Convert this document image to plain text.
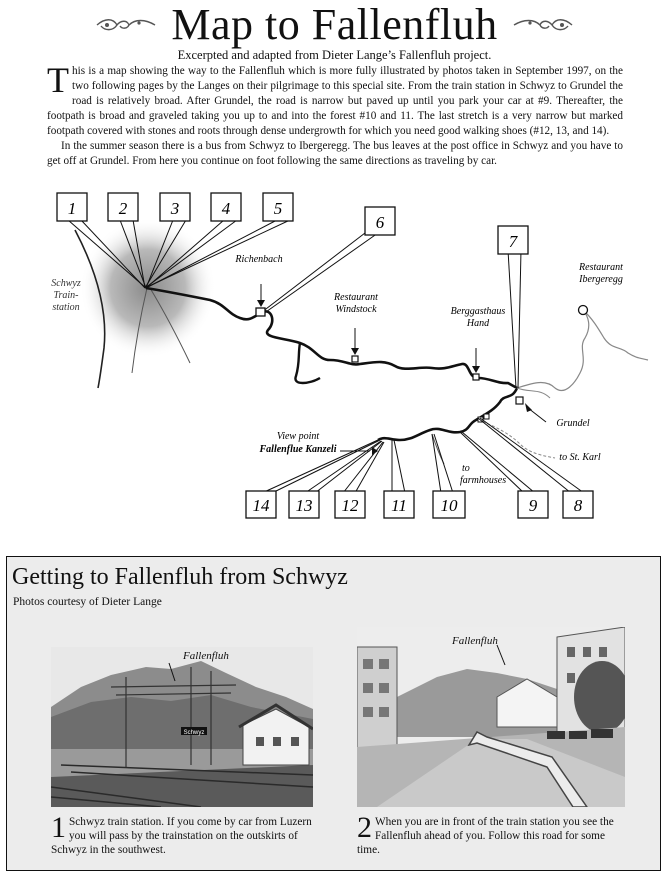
Map to Fallenfluh
Excerpted and adapted from Dieter Lange’s Fallenfluh project.

This is a map showing the way to the Fallenfluh which is more fully illustrated by photos taken in September 1997, on the two following pages by the Langes on their pilgrimage to this special site. From the train station in Schwyz to Grundel the road is relatively broad. After Grundel, the road is narrow but paved up until you park your car at #9. Thereafter, the footpath is broad and graveled taking you up to and into the forest #10 and 11. The last stretch is a very narrow but marked footpath covered with stones and roots through dense undergrowth for which you need good walking shoes (#12, 13, and 14).

In the summer season there is a bus from Schwyz to Ibergeregg. The bus leaves at the post office in Schwyz and you have to get off at Grundel. From here you continue on foot following the same directions as traveling by car.

1	2	3	4	5
6
7
14 13 12 11 10	9 8
Schwyz
Train-
station
Richenbach
Restaurant
Windstock	Berggasthaus
Hand
Restaurant
Ibergeregg
Grundel
to St. Karl
to
farmhouses
View point
Fallenflue Kanzeli
Getting to Fallenfluh from Schwyz
Photos courtesy of Dieter Lange
Schwyz
Fallenfluh
Fallenfluh
1 Schwyz train station. If you come by car from Luzern you will pass by the trainstation on the outskirts of Schwyz in the southwest.
2 When you are in front of the train station you see the Fallenfluh ahead of you. Follow this road for some time.
